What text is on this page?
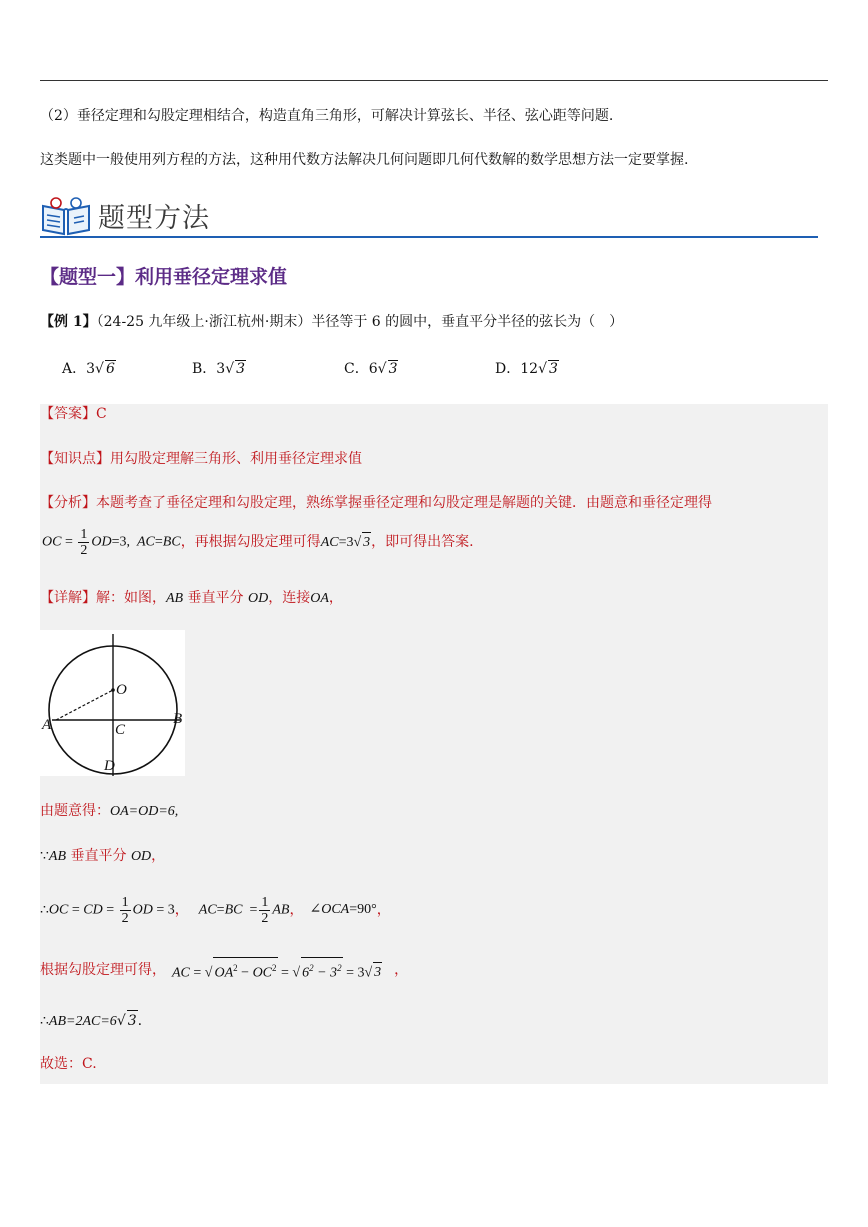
（2）垂径定理和勾股定理相结合，构造直角三角形，可解决计算弦长、半径、弦心距等问题.
这类题中一般使用列方程的方法，这种用代数方法解决几何问题即几何代数解的数学思想方法一定要掌握.
题型方法
【题型一】利用垂径定理求值
【例 1】（24-25 九年级上·浙江杭州·期末）半径等于 6 的圆中，垂直平分半径的弦长为（　）
A．3√ 6	B．3√ 3	C．6√ 3	D．12√ 3
【答案】C
【知识点】用勾股定理解三角形、利用垂径定理求值
【分析】本题考查了垂径定理和勾股定理，熟练掌握垂径定理和勾股定理是解题的关键．由题意和垂径定理得
OC = $\frac{1}{2} OD=3$,  AC=BC ，再根据勾股定理可得 AC=3√ 3 ，即可得出答案.
【详解】解：如图，AB 垂直平分 OD，连接OA，
O
A	B
C
D
由题意得：OA=OD=6,
∵AB 垂直平分 OD，
∴ OC = CD = $\frac{1}{2}$ OD = 3 ， $AC=BC = \frac{1}{2}$ AB ， ∠OCA=90° ，
根据勾股定理可得， AC = √ $OA^2 - OC^2$ = √ $6^2 - 3^2 = 3√$ 3 ，
∴AB=2AC=6√ 3.
故选：C.
